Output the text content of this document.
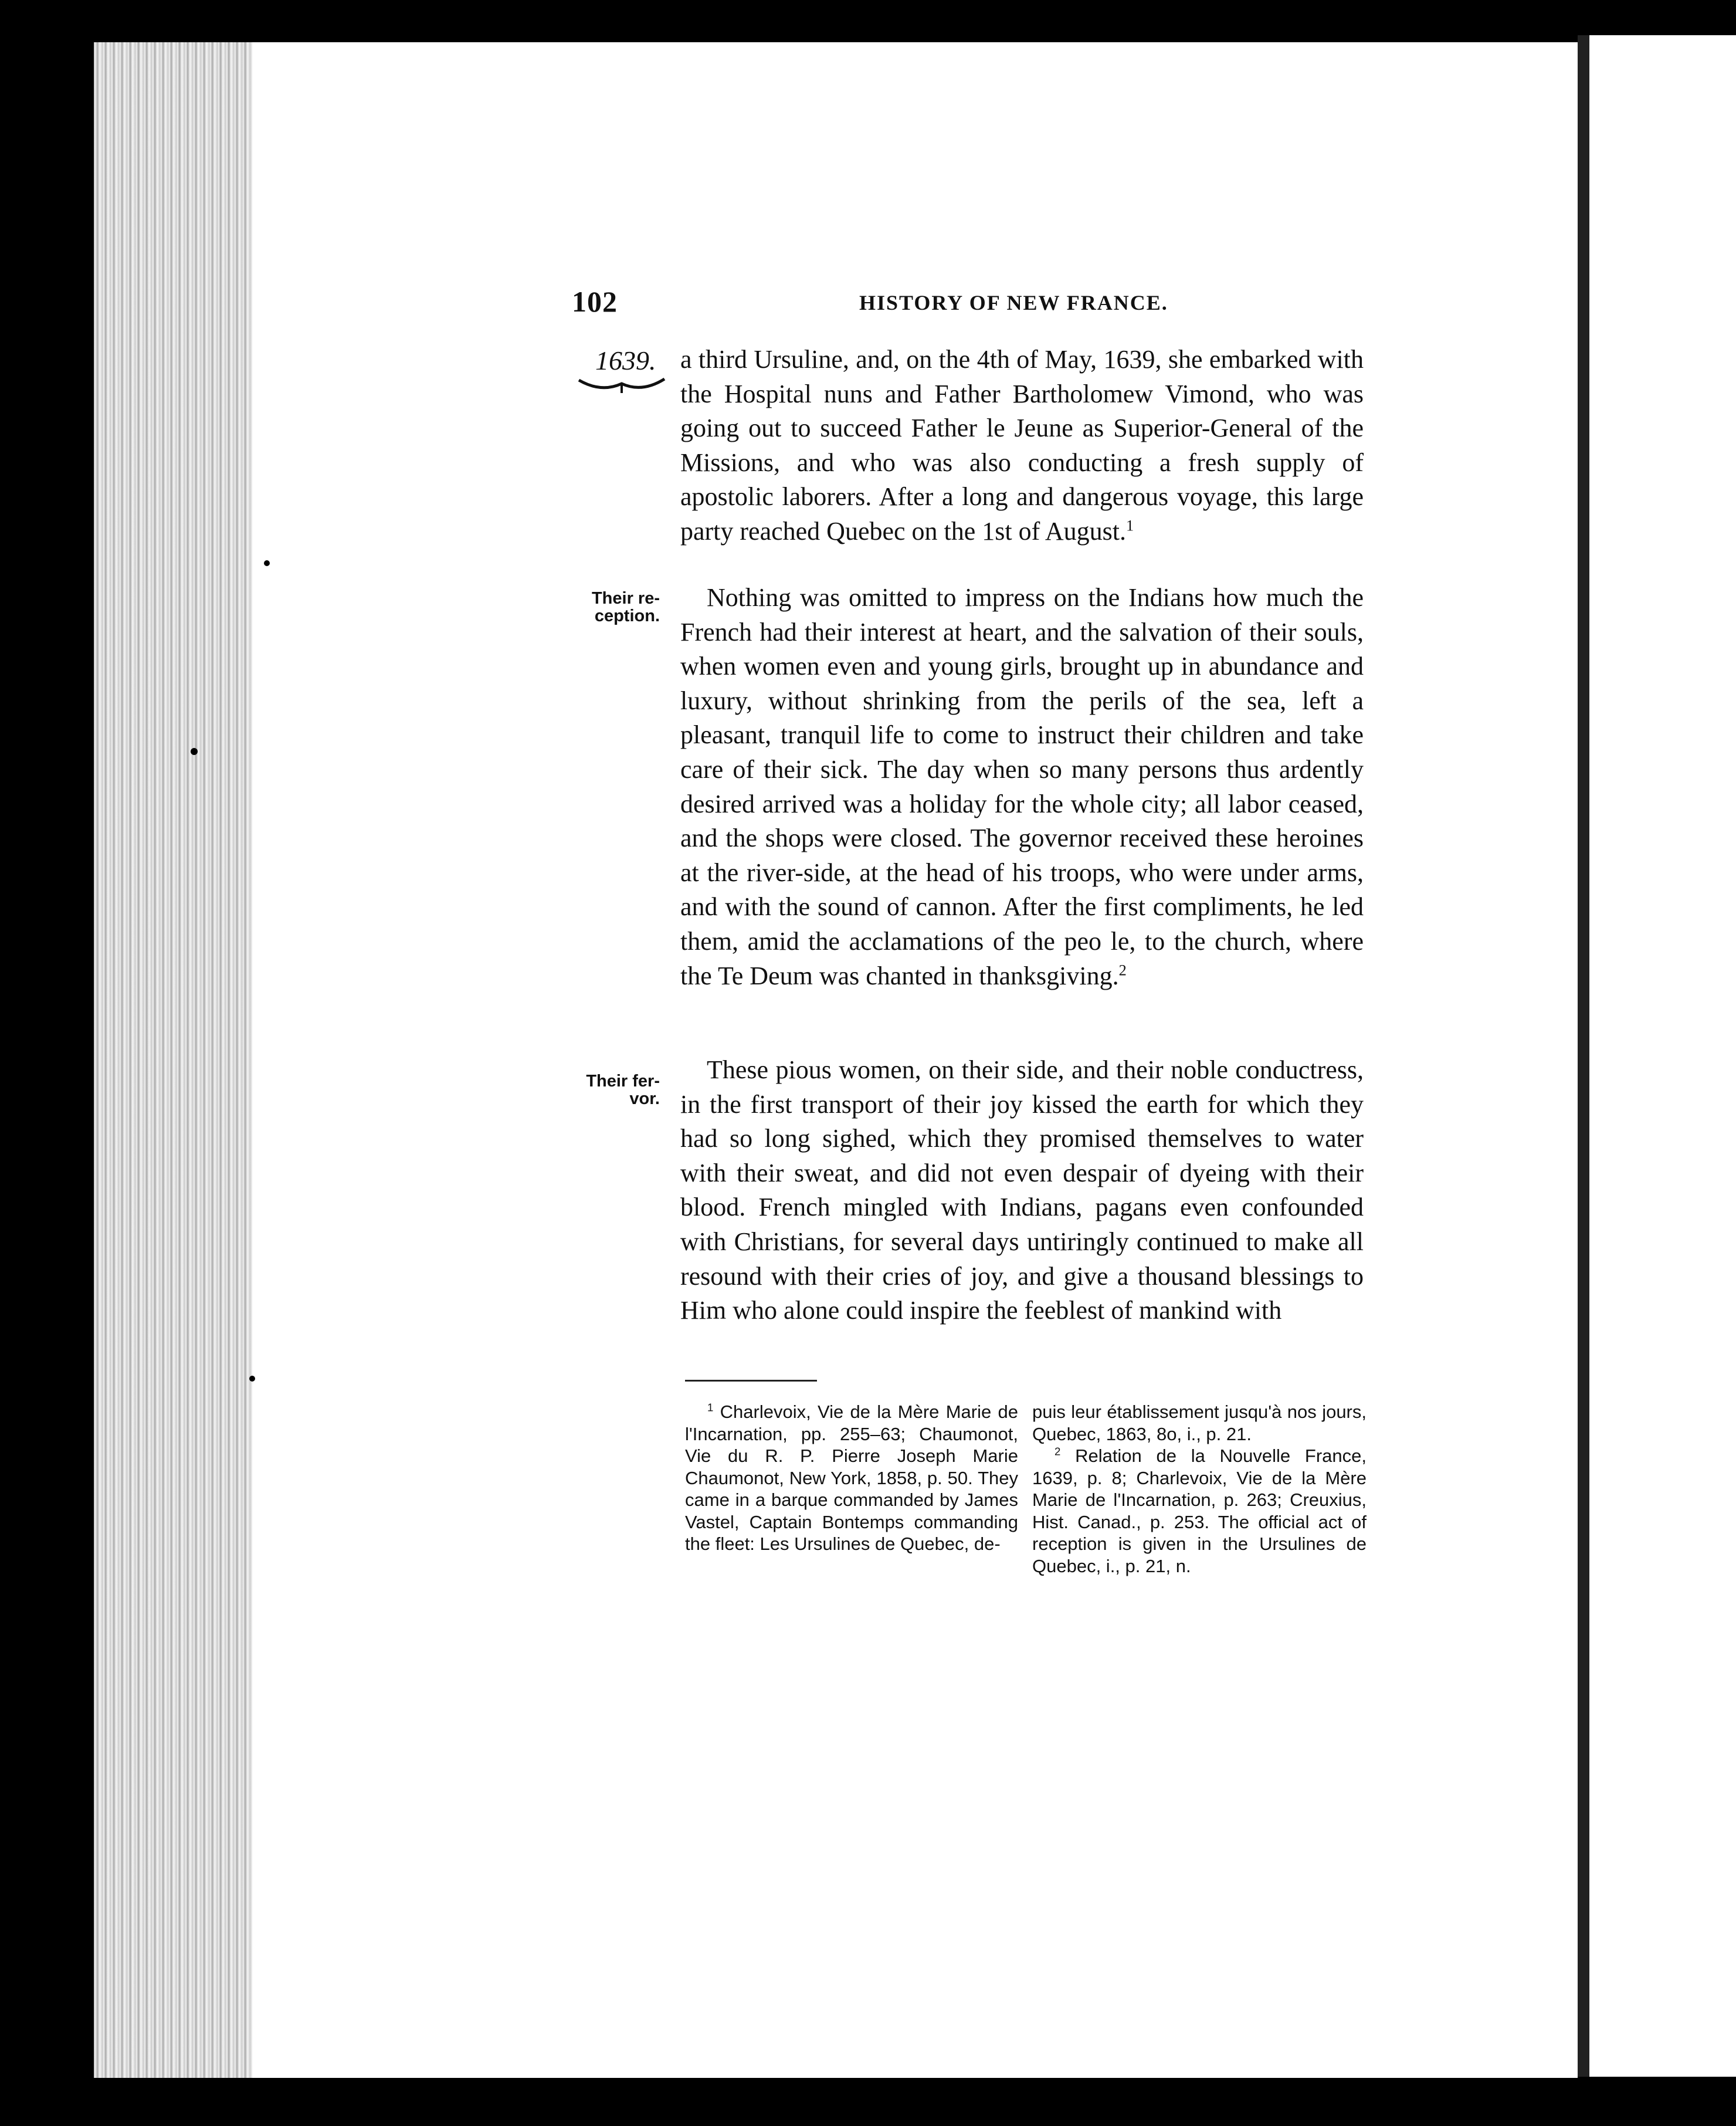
102	HISTORY OF NEW FRANCE.
1639.
Their re-
ception.
Their fer-
vor.

a third Ursuline, and, on the 4th of May, 1639, she embarked with the Hospital nuns and Father Bartholomew Vimond, who was going out to succeed Father le Jeune as Superior-General of the Missions, and who was also conducting a fresh supply of apostolic laborers. After a long and dangerous voyage, this large party reached Quebec on the 1st of August.$^1$

Nothing was omitted to impress on the Indians how much the French had their interest at heart, and the salvation of their souls, when women even and young girls, brought up in abundance and luxury, without shrinking from the perils of the sea, left a pleasant, tranquil life to come to instruct their children and take care of their sick. The day when so many persons thus ardently desired arrived was a holiday for the whole city; all labor ceased, and the shops were closed. The governor received these heroines at the river-side, at the head of his troops, who were under arms, and with the sound of cannon. After the first compliments, he led them, amid the acclamations of the peo le, to the church, where the Te Deum was chanted in thanksgiving.$^2$

These pious women, on their side, and their noble conductress, in the first transport of their joy kissed the earth for which they had so long sighed, which they promised themselves to water with their sweat, and did not even despair of dyeing with their blood. French mingled with Indians, pagans even confounded with Christians, for several days untiringly continued to make all resound with their cries of joy, and give a thousand blessings to Him who alone could inspire the feeblest of mankind with

$^1$ Charlevoix, Vie de la Mère Marie de l'Incarnation, pp. 255–63; Chaumonot, Vie du R. P. Pierre Joseph Marie Chaumonot, New York, 1858, p. 50. They came in a barque commanded by James Vastel, Captain Bontemps commanding the fleet: Les Ursulines de Quebec, de-

puis leur établissement jusqu'à nos jours, Quebec, 1863, 8o, i., p. 21.

$^2$ Relation de la Nouvelle France, 1639, p. 8; Charlevoix, Vie de la Mère Marie de l'Incarnation, p. 263; Creuxius, Hist. Canad., p. 253. The official act of reception is given in the Ursulines de Quebec, i., p. 21, n.
